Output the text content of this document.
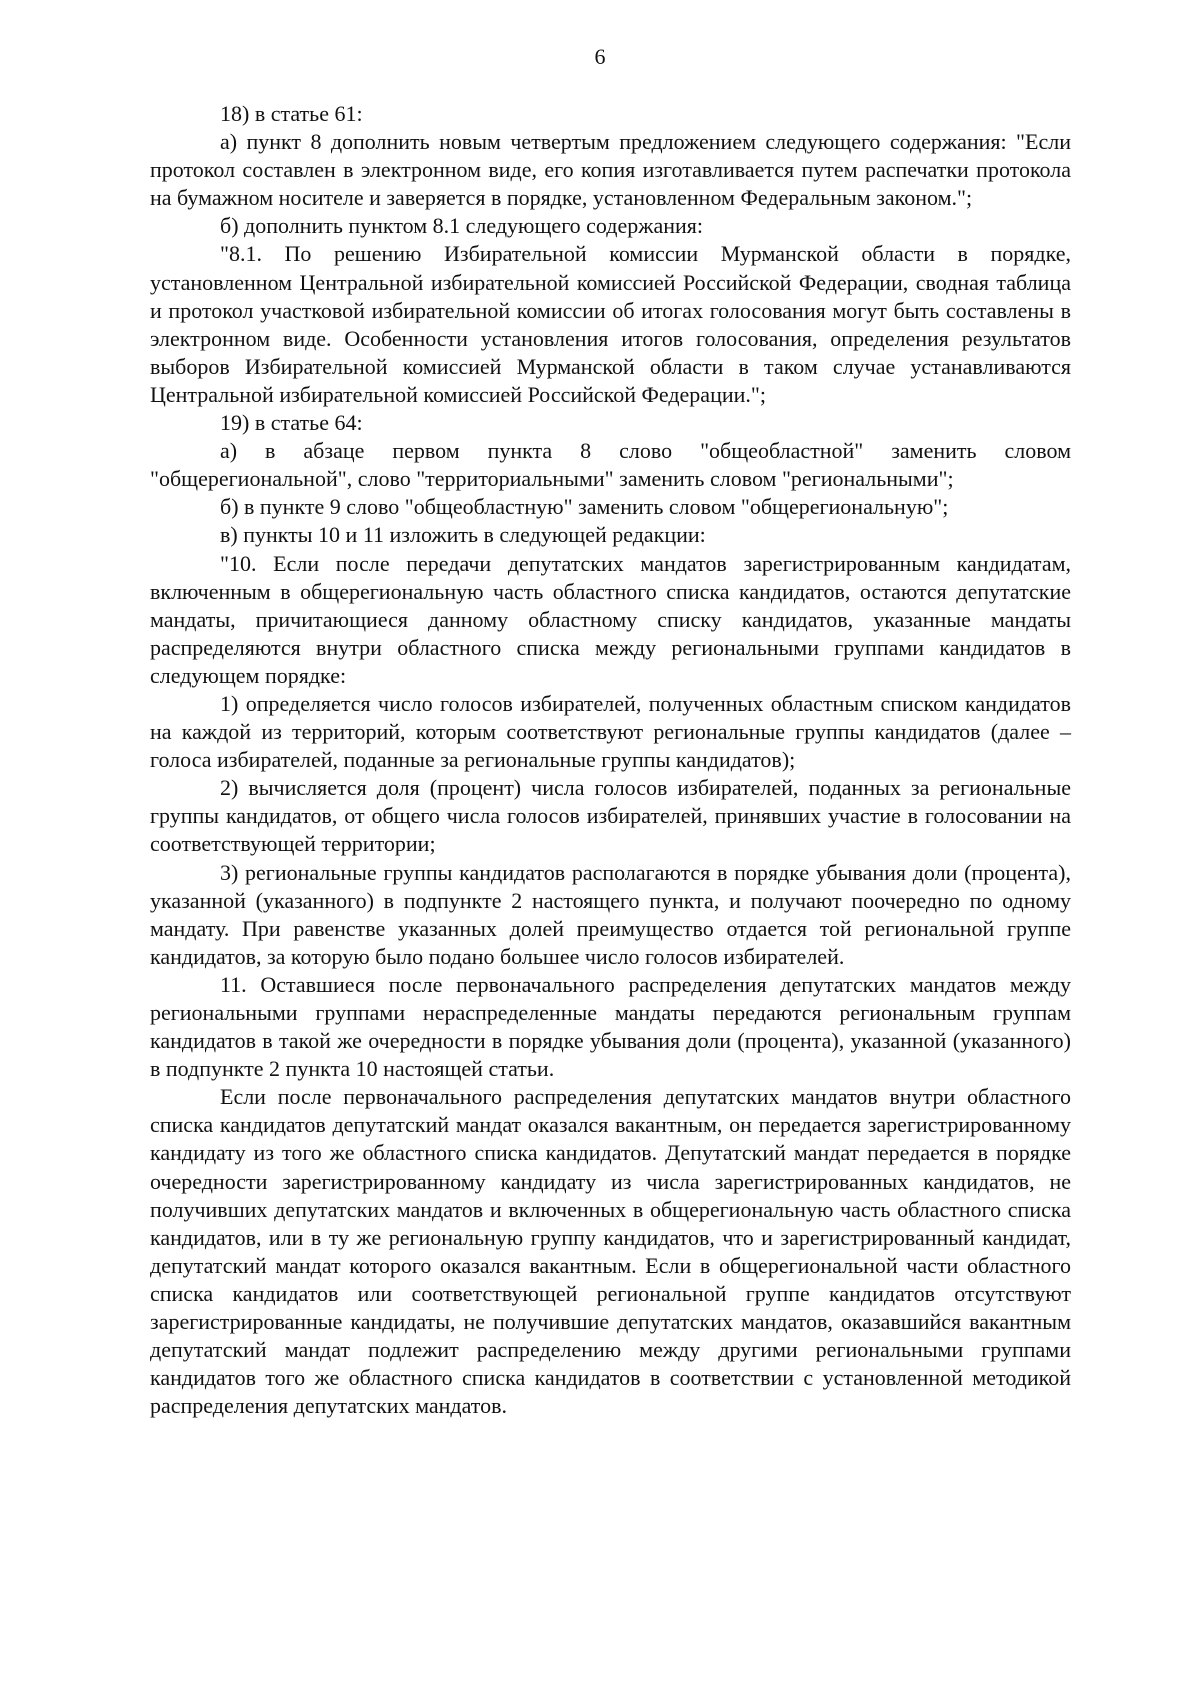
6

18) в статье 61:

а) пункт 8 дополнить новым четвертым предложением следующего содержания: "Если протокол составлен в электронном виде, его копия изготавливается путем распечатки протокола на бумажном носителе и заверяется в порядке, установленном Федеральным законом.";

б) дополнить пунктом 8.1 следующего содержания:

"8.1. По решению Избирательной комиссии Мурманской области в порядке, установленном Центральной избирательной комиссией Российской Федерации, сводная таблица и протокол участковой избирательной комиссии об итогах голосования могут быть составлены в электронном виде. Особенности установления итогов голосования, определения результатов выборов Избирательной комиссией Мурманской области в таком случае устанавливаются Центральной избирательной комиссией Российской Федерации.";

19) в статье 64:

а) в абзаце первом пункта 8 слово "общеобластной" заменить словом "общерегиональной", слово "территориальными" заменить словом "региональными";

б) в пункте 9 слово "общеобластную" заменить словом "общерегиональную";

в) пункты 10 и 11 изложить в следующей редакции:

"10. Если после передачи депутатских мандатов зарегистрированным кандидатам, включенным в общерегиональную часть областного списка кандидатов, остаются депутатские мандаты, причитающиеся данному областному списку кандидатов, указанные мандаты распределяются внутри областного списка между региональными группами кандидатов в следующем порядке:

1) определяется число голосов избирателей, полученных областным списком кандидатов на каждой из территорий, которым соответствуют региональные группы кандидатов (далее – голоса избирателей, поданные за региональные группы кандидатов);

2) вычисляется доля (процент) числа голосов избирателей, поданных за региональные группы кандидатов, от общего числа голосов избирателей, принявших участие в голосовании на соответствующей территории;

3) региональные группы кандидатов располагаются в порядке убывания доли (процента), указанной (указанного) в подпункте 2 настоящего пункта, и получают поочередно по одному мандату. При равенстве указанных долей преимущество отдается той региональной группе кандидатов, за которую было подано большее число голосов избирателей.

11. Оставшиеся после первоначального распределения депутатских мандатов между региональными группами нераспределенные мандаты передаются региональным группам кандидатов в такой же очередности в порядке убывания доли (процента), указанной (указанного) в подпункте 2 пункта 10 настоящей статьи.

Если после первоначального распределения депутатских мандатов внутри областного списка кандидатов депутатский мандат оказался вакантным, он передается зарегистрированному кандидату из того же областного списка кандидатов. Депутатский мандат передается в порядке очередности зарегистрированному кандидату из числа зарегистрированных кандидатов, не получивших депутатских мандатов и включенных в общерегиональную часть областного списка кандидатов, или в ту же региональную группу кандидатов, что и зарегистрированный кандидат, депутатский мандат которого оказался вакантным. Если в общерегиональной части областного списка кандидатов или соответствующей региональной группе кандидатов отсутствуют зарегистрированные кандидаты, не получившие депутатских мандатов, оказавшийся вакантным депутатский мандат подлежит распределению между другими региональными группами кандидатов того же областного списка кандидатов в соответствии с установленной методикой распределения депутатских мандатов.
